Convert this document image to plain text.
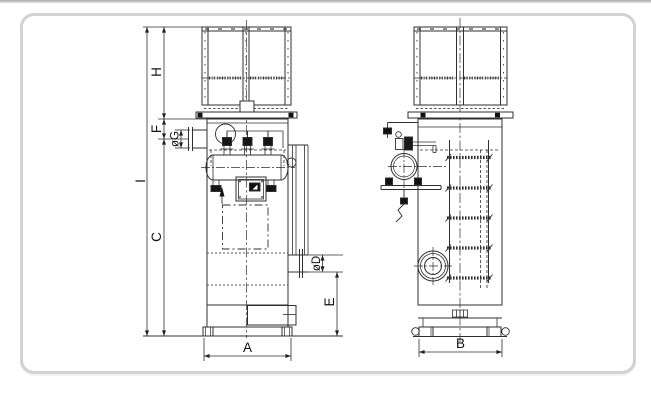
I
H
F
C
øG
øD
E
A	B
